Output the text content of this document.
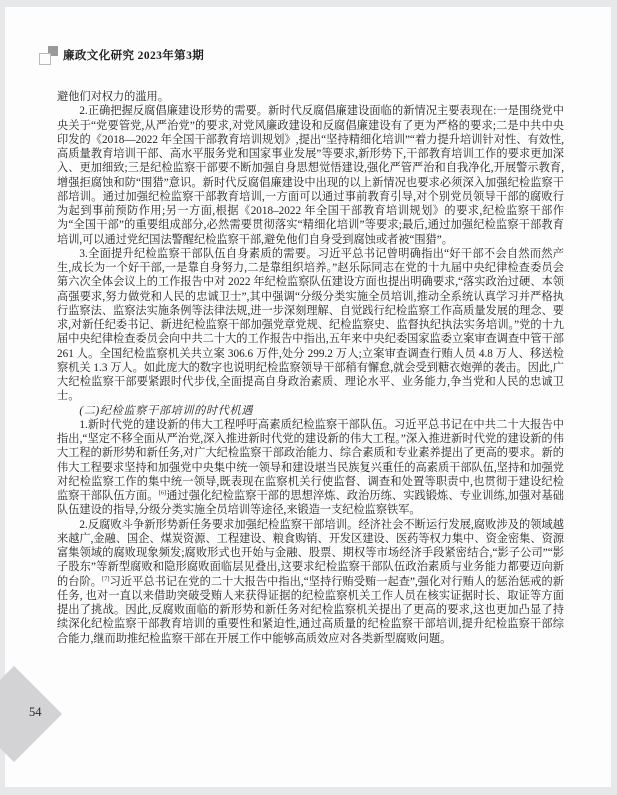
廉政文化研究 2023年第3期

避他们对权力的滥用。

2.正确把握反腐倡廉建设形势的需要。新时代反腐倡廉建设面临的新情况主要表现在:一是围绕党中央关于“党要管党,从严治党”的要求,对党风廉政建设和反腐倡廉建设有了更为严格的要求;二是中共中央印发的《2018—2022 年全国干部教育培训规划》,提出“坚持精细化培训”“着力提升培训针对性、有效性,高质量教育培训干部、高水平服务党和国家事业发展”等要求,新形势下,干部教育培训工作的要求更加深入、更加细致;三是纪检监察干部要不断加强自身思想觉悟建设,强化严管严治和自我净化,开展警示教育,增强拒腐蚀和防“围猎”意识。新时代反腐倡廉建设中出现的以上新情况也要求必须深入加强纪检监察干部培训。通过加强纪检监察干部教育培训,一方面可以通过事前教育引导,对个别党员领导干部的腐败行为起到事前预防作用;另一方面,根据《2018–2022 年全国干部教育培训规划》的要求,纪检监察干部作为“全国干部”的重要组成部分,必然需要贯彻落实“精细化培训”等要求;最后,通过加强纪检监察干部教育培训,可以通过党纪国法警醒纪检监察干部,避免他们自身受到腐蚀或者被“围猎”。

3.全面提升纪检监察干部队伍自身素质的需要。习近平总书记曾明确指出“好干部不会自然而然产生,成长为一个好干部,一是靠自身努力,二是靠组织培养。”赵乐际同志在党的十九届中央纪律检查委员会第六次全体会议上的工作报告中对 2022 年纪检监察队伍建设方面也提出明确要求,“落实政治过硬、本领高强要求,努力做党和人民的忠诚卫士”,其中强调“分级分类实施全员培训,推动全系统认真学习并严格执行监察法、监察法实施条例等法律法规,进一步深刻理解、自觉践行纪检监察工作高质量发展的理念、要求,对新任纪委书记、新进纪检监察干部加强党章党规、纪检监察史、监督执纪执法实务培训。”党的十九届中央纪律检查委员会向中共二十大的工作报告中指出,五年来中央纪委国家监委立案审查调查中管干部 261 人。全国纪检监察机关共立案 306.6 万件,处分 299.2 万人;立案审查调查行贿人员 4.8 万人、移送检察机关 1.3 万人。如此庞大的数字也说明纪检监察领导干部稍有懈怠,就会受到糖衣炮弹的袭击。因此,广大纪检监察干部要紧跟时代步伐,全面提高自身政治素质、理论水平、业务能力,争当党和人民的忠诚卫士。

(二)纪检监察干部培训的时代机遇

1.新时代党的建设新的伟大工程呼吁高素质纪检监察干部队伍。习近平总书记在中共二十大报告中指出,“坚定不移全面从严治党,深入推进新时代党的建设新的伟大工程。”深入推进新时代党的建设新的伟大工程的新形势和新任务,对广大纪检监察干部政治能力、综合素质和专业素养提出了更高的要求。新的伟大工程要求坚持和加强党中央集中统一领导和建设堪当民族复兴重任的高素质干部队伍,坚持和加强党对纪检监察工作的集中统一领导,既表现在监察机关行使监督、调查和处置等职责中,也贯彻于建设纪检监察干部队伍方面。[6]通过强化纪检监察干部的思想淬炼、政治历练、实践锻炼、专业训练,加强对基础队伍建设的指导,分级分类实施全员培训等途径,来锻造一支纪检监察铁军。

2.反腐败斗争新形势新任务要求加强纪检监察干部培训。经济社会不断运行发展,腐败涉及的领域越来越广,金融、国企、煤炭资源、工程建设、粮食购销、开发区建设、医药等权力集中、资金密集、资源富集领域的腐败现象频发;腐败形式也开始与金融、股票、期权等市场经济手段紧密结合,“影子公司”“影子股东”等新型腐败和隐形腐败面临层见叠出,这要求纪检监察干部队伍政治素质与业务能力都要迈向新的台阶。[7]习近平总书记在党的二十大报告中指出,“坚持行贿受贿一起查”,强化对行贿人的惩治惩戒的新任务, 也对一直以来借助突破受贿人来获得证据的纪检监察机关工作人员在核实证据时长、取证等方面提出了挑战。因此,反腐败面临的新形势和新任务对纪检监察机关提出了更高的要求,这也更加凸显了持续深化纪检监察干部教育培训的重要性和紧迫性,通过高质量的纪检监察干部培训,提升纪检监察干部综合能力,继而助推纪检监察干部在开展工作中能够高质效应对各类新型腐败问题。

54
